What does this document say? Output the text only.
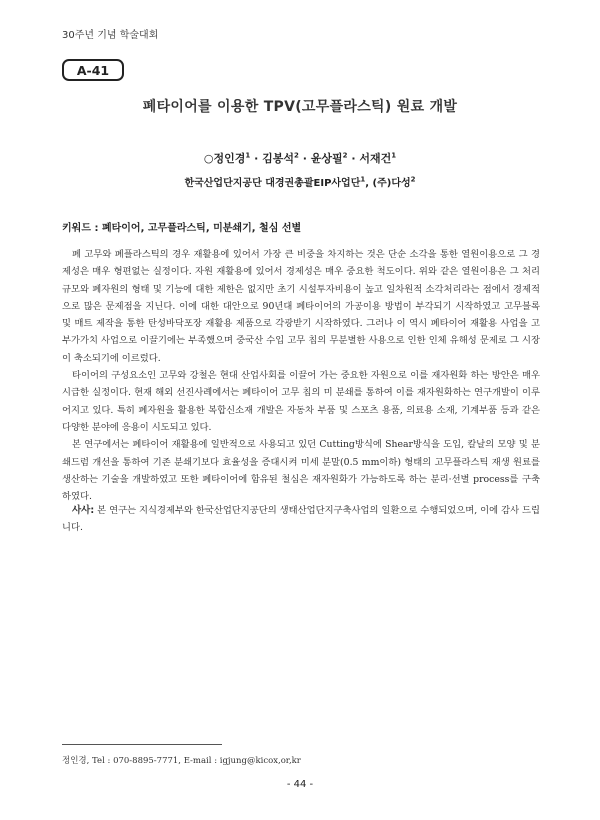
30주년 기념 학술대회
A-41
폐타이어를 이용한 TPV(고무플라스틱) 원료 개발
○정인경$^1$ · 김봉석$^2$ · 윤상필$^2$ · 서재건$^1$
한국산업단지공단 대경권총괄EIP사업단$^1$, (주)다성$^2$
키워드 : 폐타이어, 고무플라스틱, 미분쇄기, 철심 선별

폐 고무와 폐플라스틱의 경우 재활용에 있어서 가장 큰 비중을 차지하는 것은 단순 소각을 통한 열원이용으로 그 경제성은 매우 형편없는 실정이다. 자원 재활용에 있어서 경제성은 매우 중요한 척도이다. 위와 같은 열원이용은 그 처리규모와 폐자원의 형태 및 기능에 대한 제한은 없지만 초기 시설투자비용이 높고 일차원적 소각처리라는 점에서 경제적으로 많은 문제점을 지닌다. 이에 대한 대안으로 90년대 폐타이어의 가공이용 방법이 부각되기 시작하였고 고무블록 및 매트 제작을 통한 탄성바닥포장 재활용 제품으로 각광받기 시작하였다. 그러나 이 역시 폐타이어 재활용 사업을 고부가가치 사업으로 이끌기에는 부족했으며 중국산 수입 고무 칩의 무분별한 사용으로 인한 인체 유해성 문제로 그 시장이 축소되기에 이르렀다.

타이어의 구성요소인 고무와 강철은 현대 산업사회를 이끌어 가는 중요한 자원으로 이를 재자원화 하는 방안은 매우 시급한 실정이다. 현재 해외 선진사례에서는 폐타이어 고무 칩의 미 분쇄를 통하여 이를 재자원화하는 연구개발이 이루어지고 있다. 특히 폐자원을 활용한 복합신소재 개발은 자동차 부품 및 스포츠 용품, 의료용 소재, 기계부품 등과 같은 다양한 분야에 응용이 시도되고 있다.

본 연구에서는 폐타이어 재활용에 일반적으로 사용되고 있던 Cutting방식에 Shear방식을 도입, 칼날의 모양 및 분쇄드럼 개선을 통하여 기존 분쇄기보다 효율성을 증대시켜 미세 분말(0.5 mm이하) 형태의 고무플라스틱 재생 원료를 생산하는 기술을 개발하였고 또한 폐타이어에 함유된 철심은 재자원화가 가능하도록 하는 분리·선별 process를 구축하였다.

사사: 본 연구는 지식경제부와 한국산업단지공단의 생태산업단지구축사업의 일환으로 수행되었으며, 이에 감사 드립니다.
정인경, Tel : 070-8895-7771, E-mail : igjung@kicox,or,kr
- 44 -
